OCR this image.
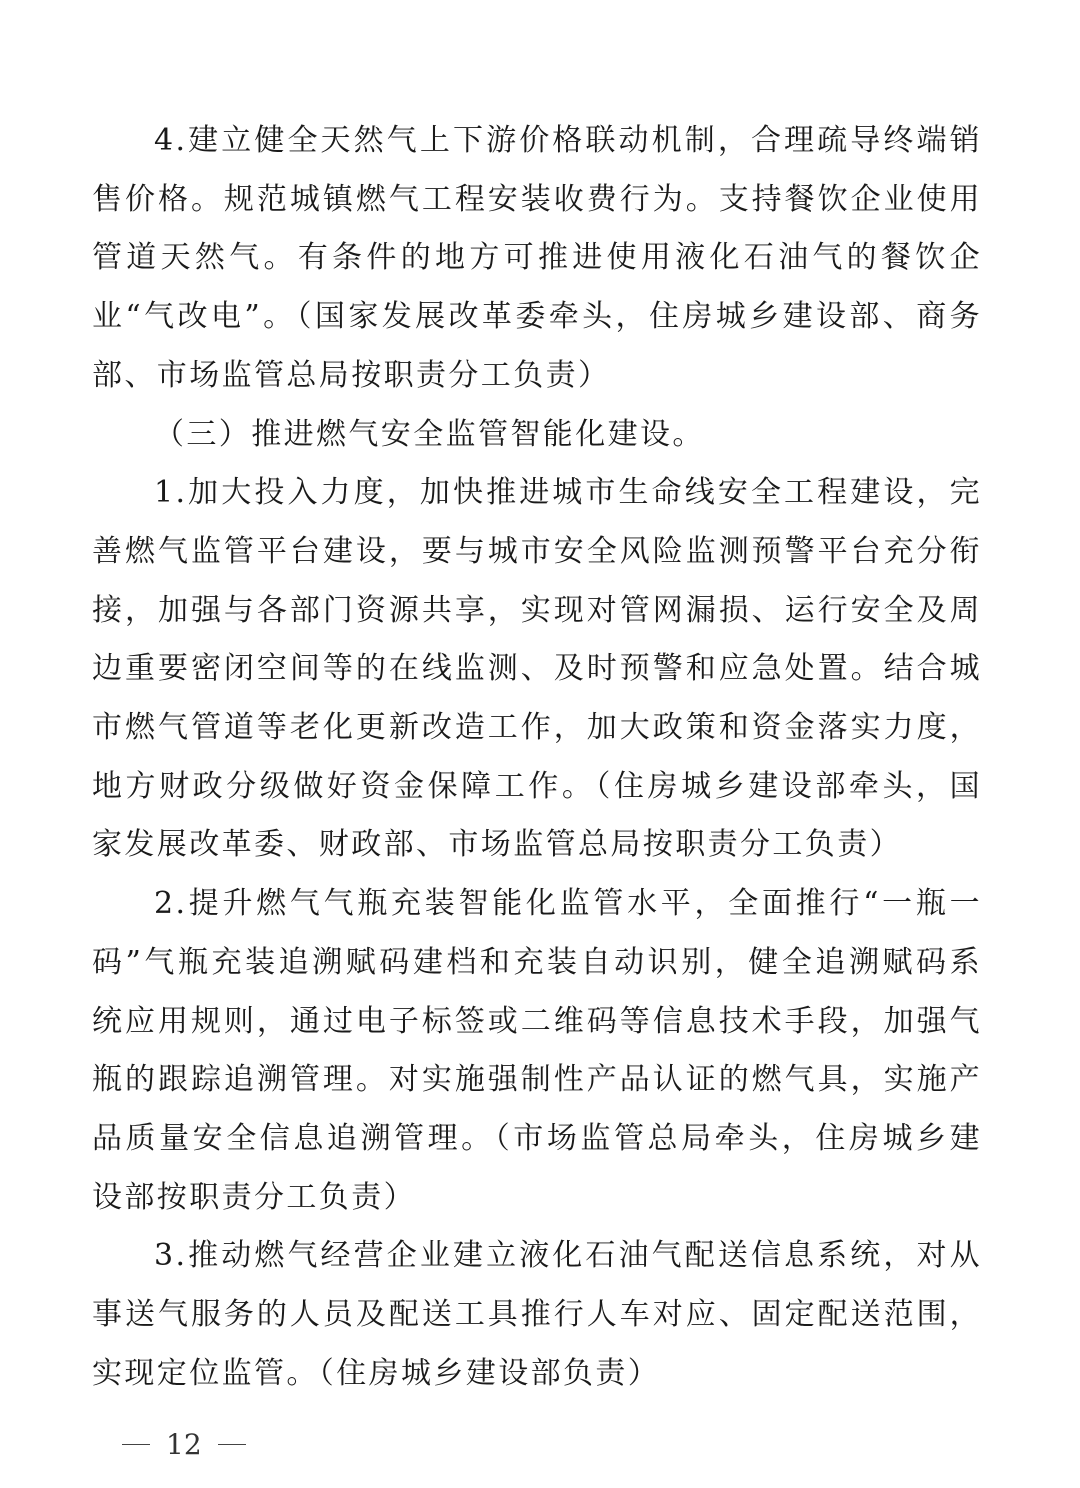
4.建立健全天然气上下游价格联动机制，合理疏导终端销售价格。规范城镇燃气工程安装收费行为。支持餐饮企业使用管道天然气。有条件的地方可推进使用液化石油气的餐饮企业“气改电”。（国家发展改革委牵头，住房城乡建设部、商务部、市场监管总局按职责分工负责）

（三）推进燃气安全监管智能化建设。

1.加大投入力度，加快推进城市生命线安全工程建设，完善燃气监管平台建设，要与城市安全风险监测预警平台充分衔接，加强与各部门资源共享，实现对管网漏损、运行安全及周边重要密闭空间等的在线监测、及时预警和应急处置。结合城市燃气管道等老化更新改造工作，加大政策和资金落实力度，地方财政分级做好资金保障工作。（住房城乡建设部牵头，国家发展改革委、财政部、市场监管总局按职责分工负责）

2.提升燃气气瓶充装智能化监管水平，全面推行“一瓶一码”气瓶充装追溯赋码建档和充装自动识别，健全追溯赋码系统应用规则，通过电子标签或二维码等信息技术手段，加强气瓶的跟踪追溯管理。对实施强制性产品认证的燃气具，实施产品质量安全信息追溯管理。（市场监管总局牵头，住房城乡建设部按职责分工负责）

3.推动燃气经营企业建立液化石油气配送信息系统，对从事送气服务的人员及配送工具推行人车对应、固定配送范围，实现定位监管。（住房城乡建设部负责）

12
